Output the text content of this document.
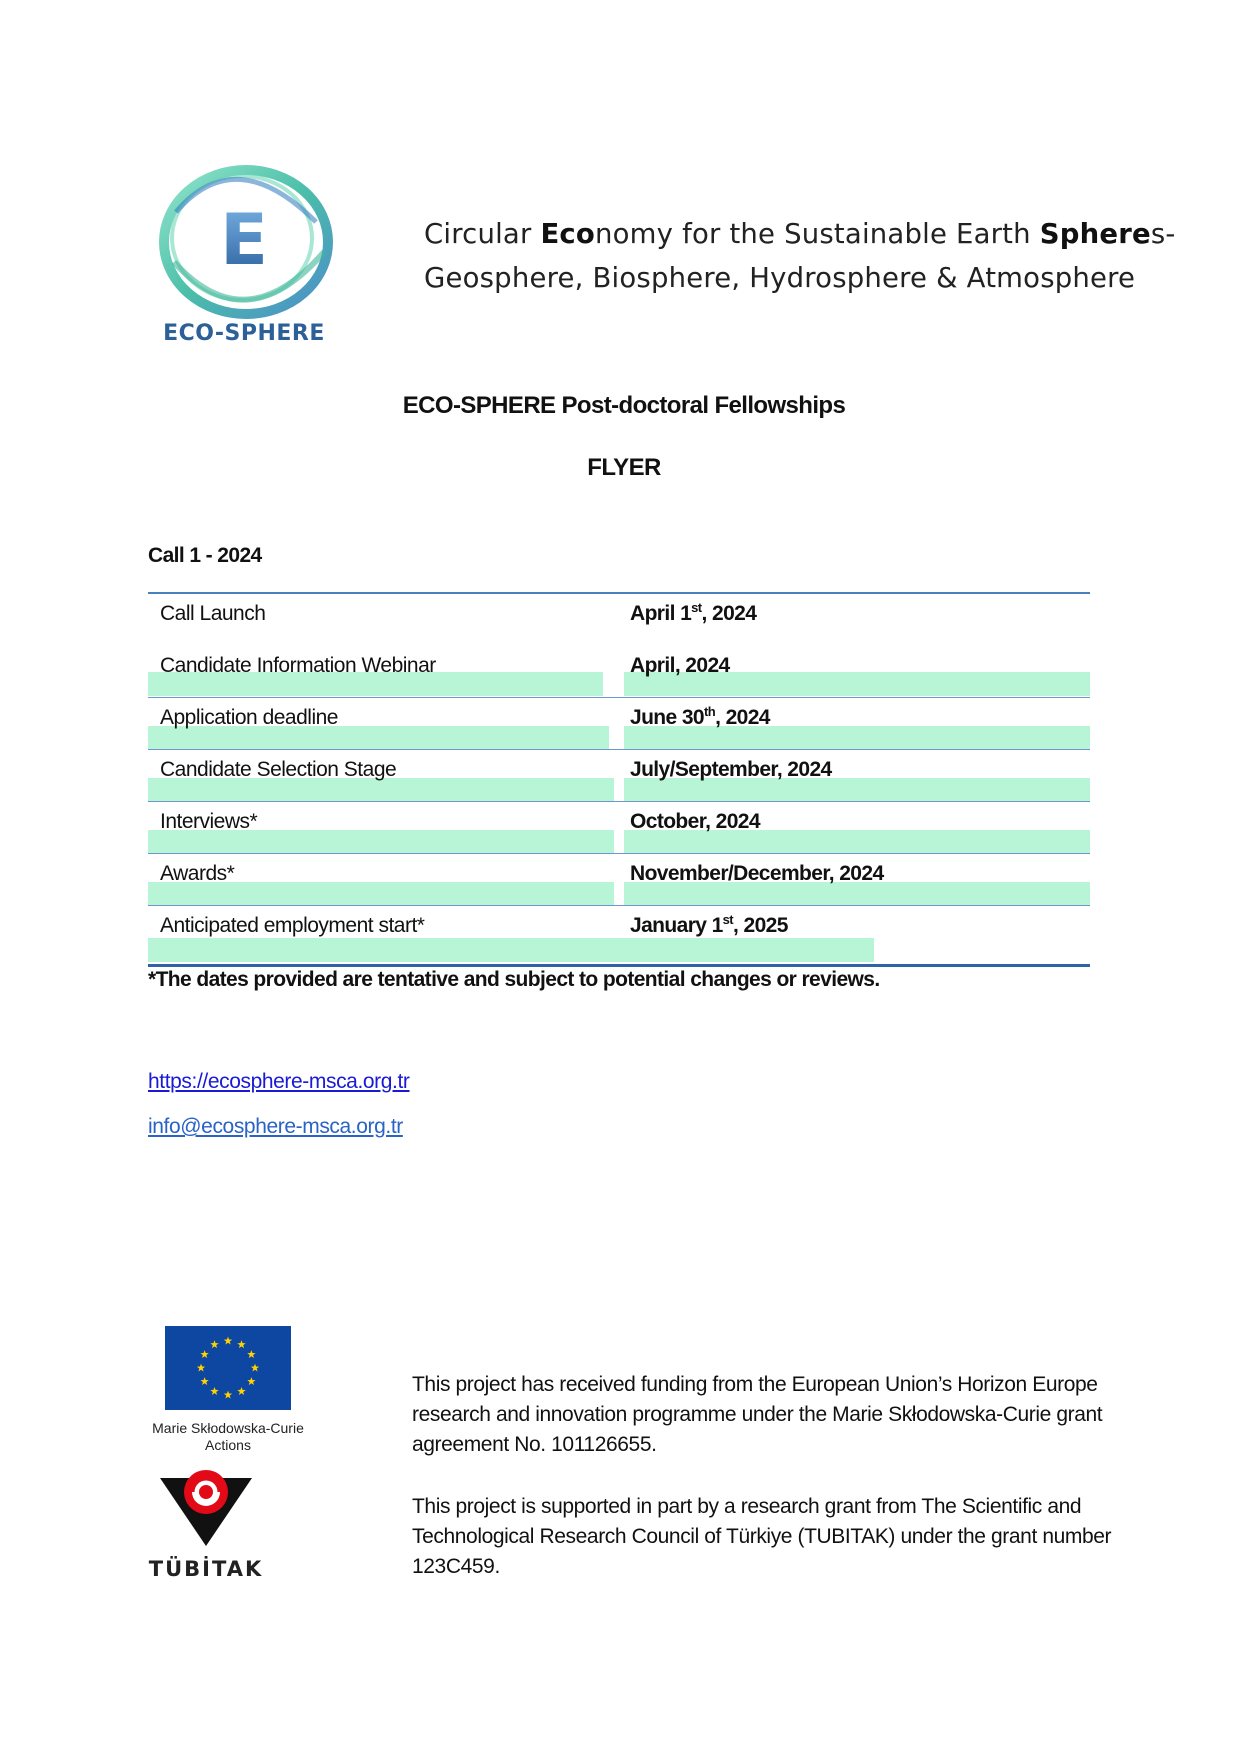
E
ECO-SPHERE
Circular Economy for the Sustainable Earth Spheres-
Geosphere, Biosphere, Hydrosphere & Atmosphere
ECO-SPHERE Post-doctoral Fellowships
FLYER
Call 1 - 2024
Call Launch	April 1st, 2024
Candidate Information Webinar	April, 2024
Application deadline	June 30th, 2024
Candidate Selection Stage	July/September, 2024
Interviews*	October, 2024
Awards*	November/December, 2024
Anticipated employment start*	January 1st, 2025
*The dates provided are tentative and subject to potential changes or reviews.
https://ecosphere-msca.org.tr
info@ecosphere-msca.org.tr
Marie Skłodowska-Curie Actions
TÜBİTAK
This project has received funding from the European Union’s Horizon Europe research and innovation programme under the Marie Skłodowska-Curie grant agreement No. 101126655.
This project is supported in part by a research grant from The Scientific and Technological Research Council of Türkiye (TUBITAK) under the grant number 123C459.
